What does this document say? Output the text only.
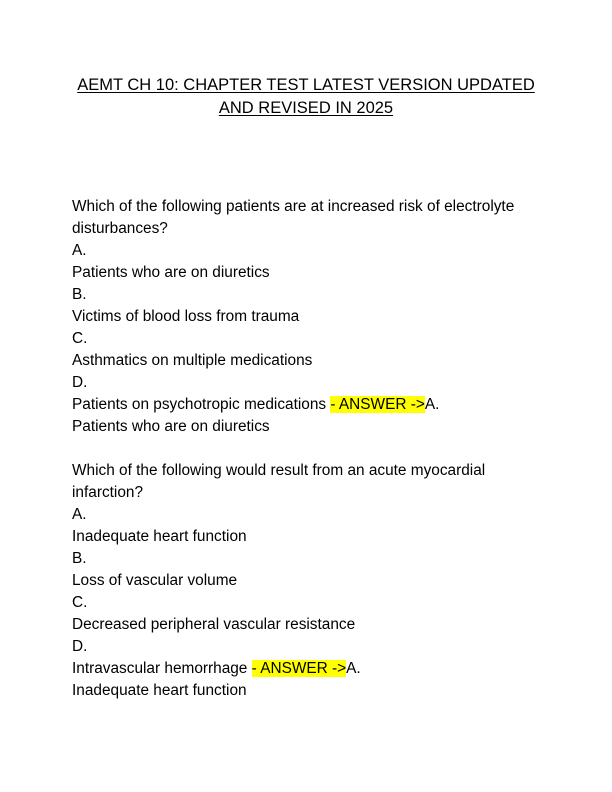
AEMT CH 10: CHAPTER TEST LATEST VERSION UPDATED
AND REVISED IN 2025
Which of the following patients are at increased risk of electrolyte disturbances?
A.
Patients who are on diuretics
B.
Victims of blood loss from trauma
C.
Asthmatics on multiple medications
D.
Patients on psychotropic medications - ANSWER ->A.
Patients who are on diuretics
Which of the following would result from an acute myocardial infarction?
A.
Inadequate heart function
B.
Loss of vascular volume
C.
Decreased peripheral vascular resistance
D.
Intravascular hemorrhage - ANSWER ->A.
Inadequate heart function
